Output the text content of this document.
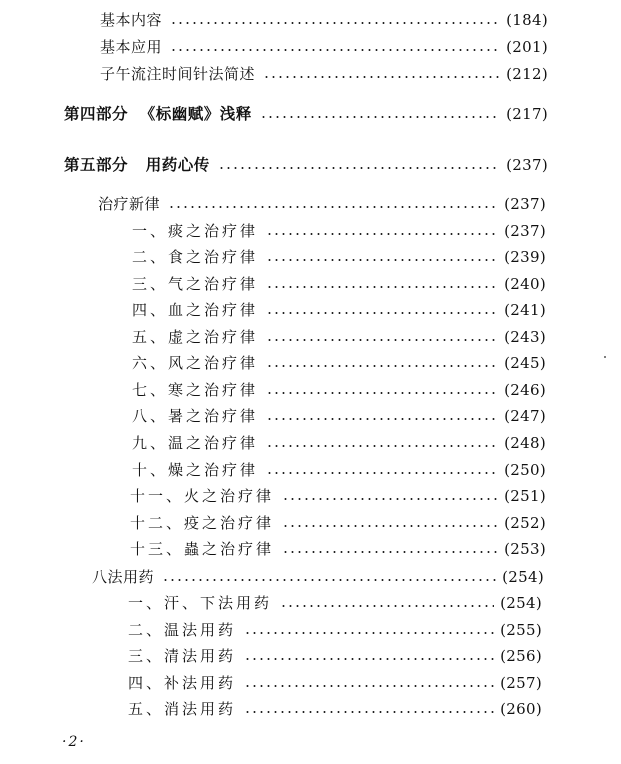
基本内容	(184)
基本应用	(201)
子午流注时间针法简述	(212)
第四部分  《标幽赋》浅释	(217)
第五部分   用药心传	(237)
治疗新律	(237)
一、痰之治疗律	(237)
二、食之治疗律	(239)
三、气之治疗律	(240)
四、血之治疗律	(241)
五、虚之治疗律	(243)
六、风之治疗律	(245)
七、寒之治疗律	(246)
八、暑之治疗律	(247)
九、温之治疗律	(248)
十、燥之治疗律	(250)
十一、火之治疗律	(251)
十二、疫之治疗律	(252)
十三、蟲之治疗律	(253)
八法用药	(254)
一、汗、下法用药	(254)
二、温法用药	(255)
三、清法用药	(256)
四、补法用药	(257)
五、消法用药	(260)
·2·
